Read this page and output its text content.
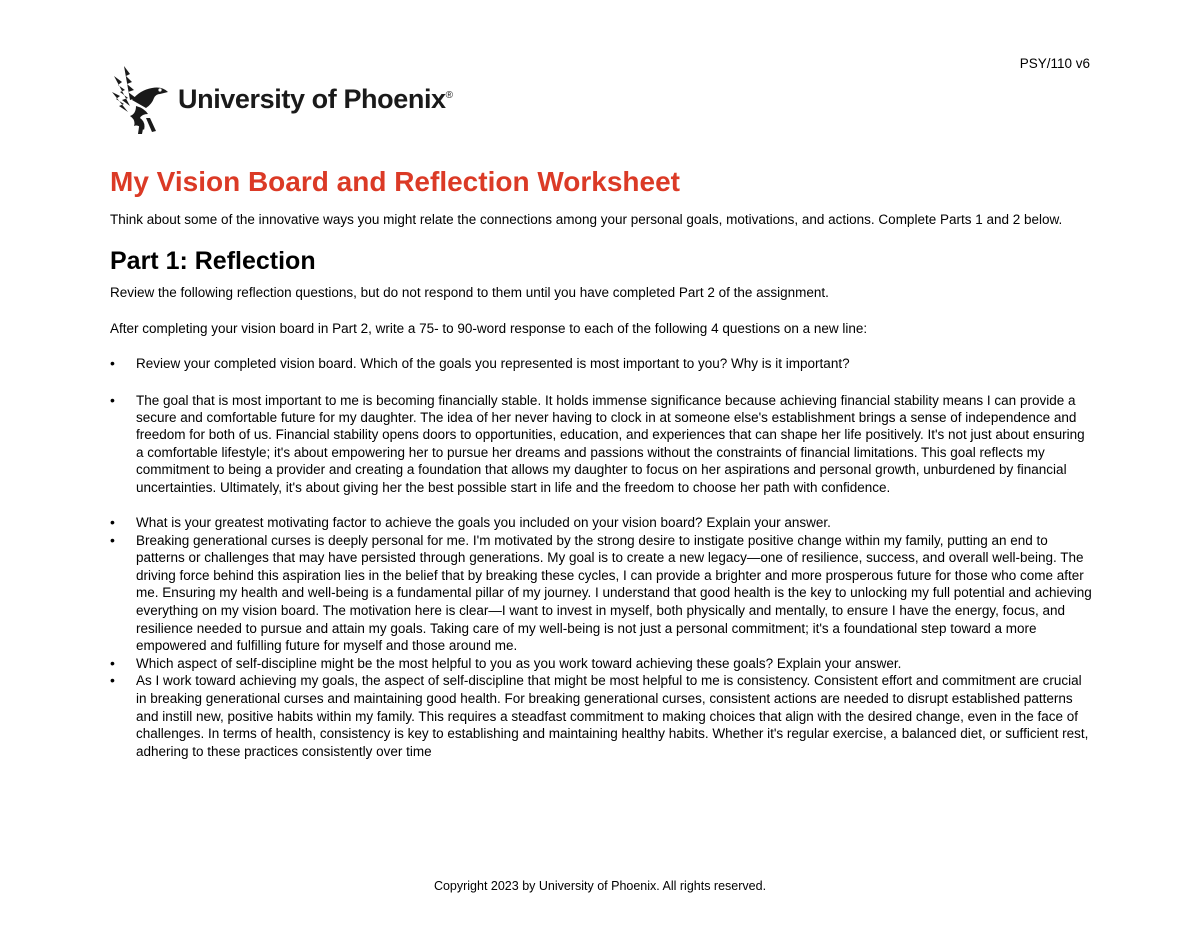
PSY/110 v6
University of Phoenix®
My Vision Board and Reflection Worksheet

Think about some of the innovative ways you might relate the connections among your personal goals, motivations, and actions. Complete Parts 1 and 2 below.

Part 1: Reflection

Review the following reflection questions, but do not respond to them until you have completed Part 2 of the assignment.

After completing your vision board in Part 2, write a 75- to 90-word response to each of the following 4 questions on a new line:

• Review your completed vision board. Which of the goals you represented is most important to you? Why is it important?
• The goal that is most important to me is becoming financially stable. It holds immense significance because achieving financial stability means I can provide a secure and comfortable future for my daughter. The idea of her never having to clock in at someone else's establishment brings a sense of independence and freedom for both of us. Financial stability opens doors to opportunities, education, and experiences that can shape her life positively. It's not just about ensuring a comfortable lifestyle; it's about empowering her to pursue her dreams and passions without the constraints of financial limitations. This goal reflects my commitment to being a provider and creating a foundation that allows my daughter to focus on her aspirations and personal growth, unburdened by financial uncertainties. Ultimately, it's about giving her the best possible start in life and the freedom to choose her path with confidence.
• What is your greatest motivating factor to achieve the goals you included on your vision board? Explain your answer.
• Breaking generational curses is deeply personal for me. I'm motivated by the strong desire to instigate positive change within my family, putting an end to patterns or challenges that may have persisted through generations. My goal is to create a new legacy—one of resilience, success, and overall well-being. The driving force behind this aspiration lies in the belief that by breaking these cycles, I can provide a brighter and more prosperous future for those who come after me. Ensuring my health and well-being is a fundamental pillar of my journey. I understand that good health is the key to unlocking my full potential and achieving everything on my vision board. The motivation here is clear—I want to invest in myself, both physically and mentally, to ensure I have the energy, focus, and resilience needed to pursue and attain my goals. Taking care of my well-being is not just a personal commitment; it's a foundational step toward a more empowered and fulfilling future for myself and those around me.
• Which aspect of self-discipline might be the most helpful to you as you work toward achieving these goals? Explain your answer.
• As I work toward achieving my goals, the aspect of self-discipline that might be most helpful to me is consistency. Consistent effort and commitment are crucial in breaking generational curses and maintaining good health. For breaking generational curses, consistent actions are needed to disrupt established patterns and instill new, positive habits within my family. This requires a steadfast commitment to making choices that align with the desired change, even in the face of challenges. In terms of health, consistency is key to establishing and maintaining healthy habits. Whether it's regular exercise, a balanced diet, or sufficient rest, adhering to these practices consistently over time
Copyright 2023 by University of Phoenix. All rights reserved.
